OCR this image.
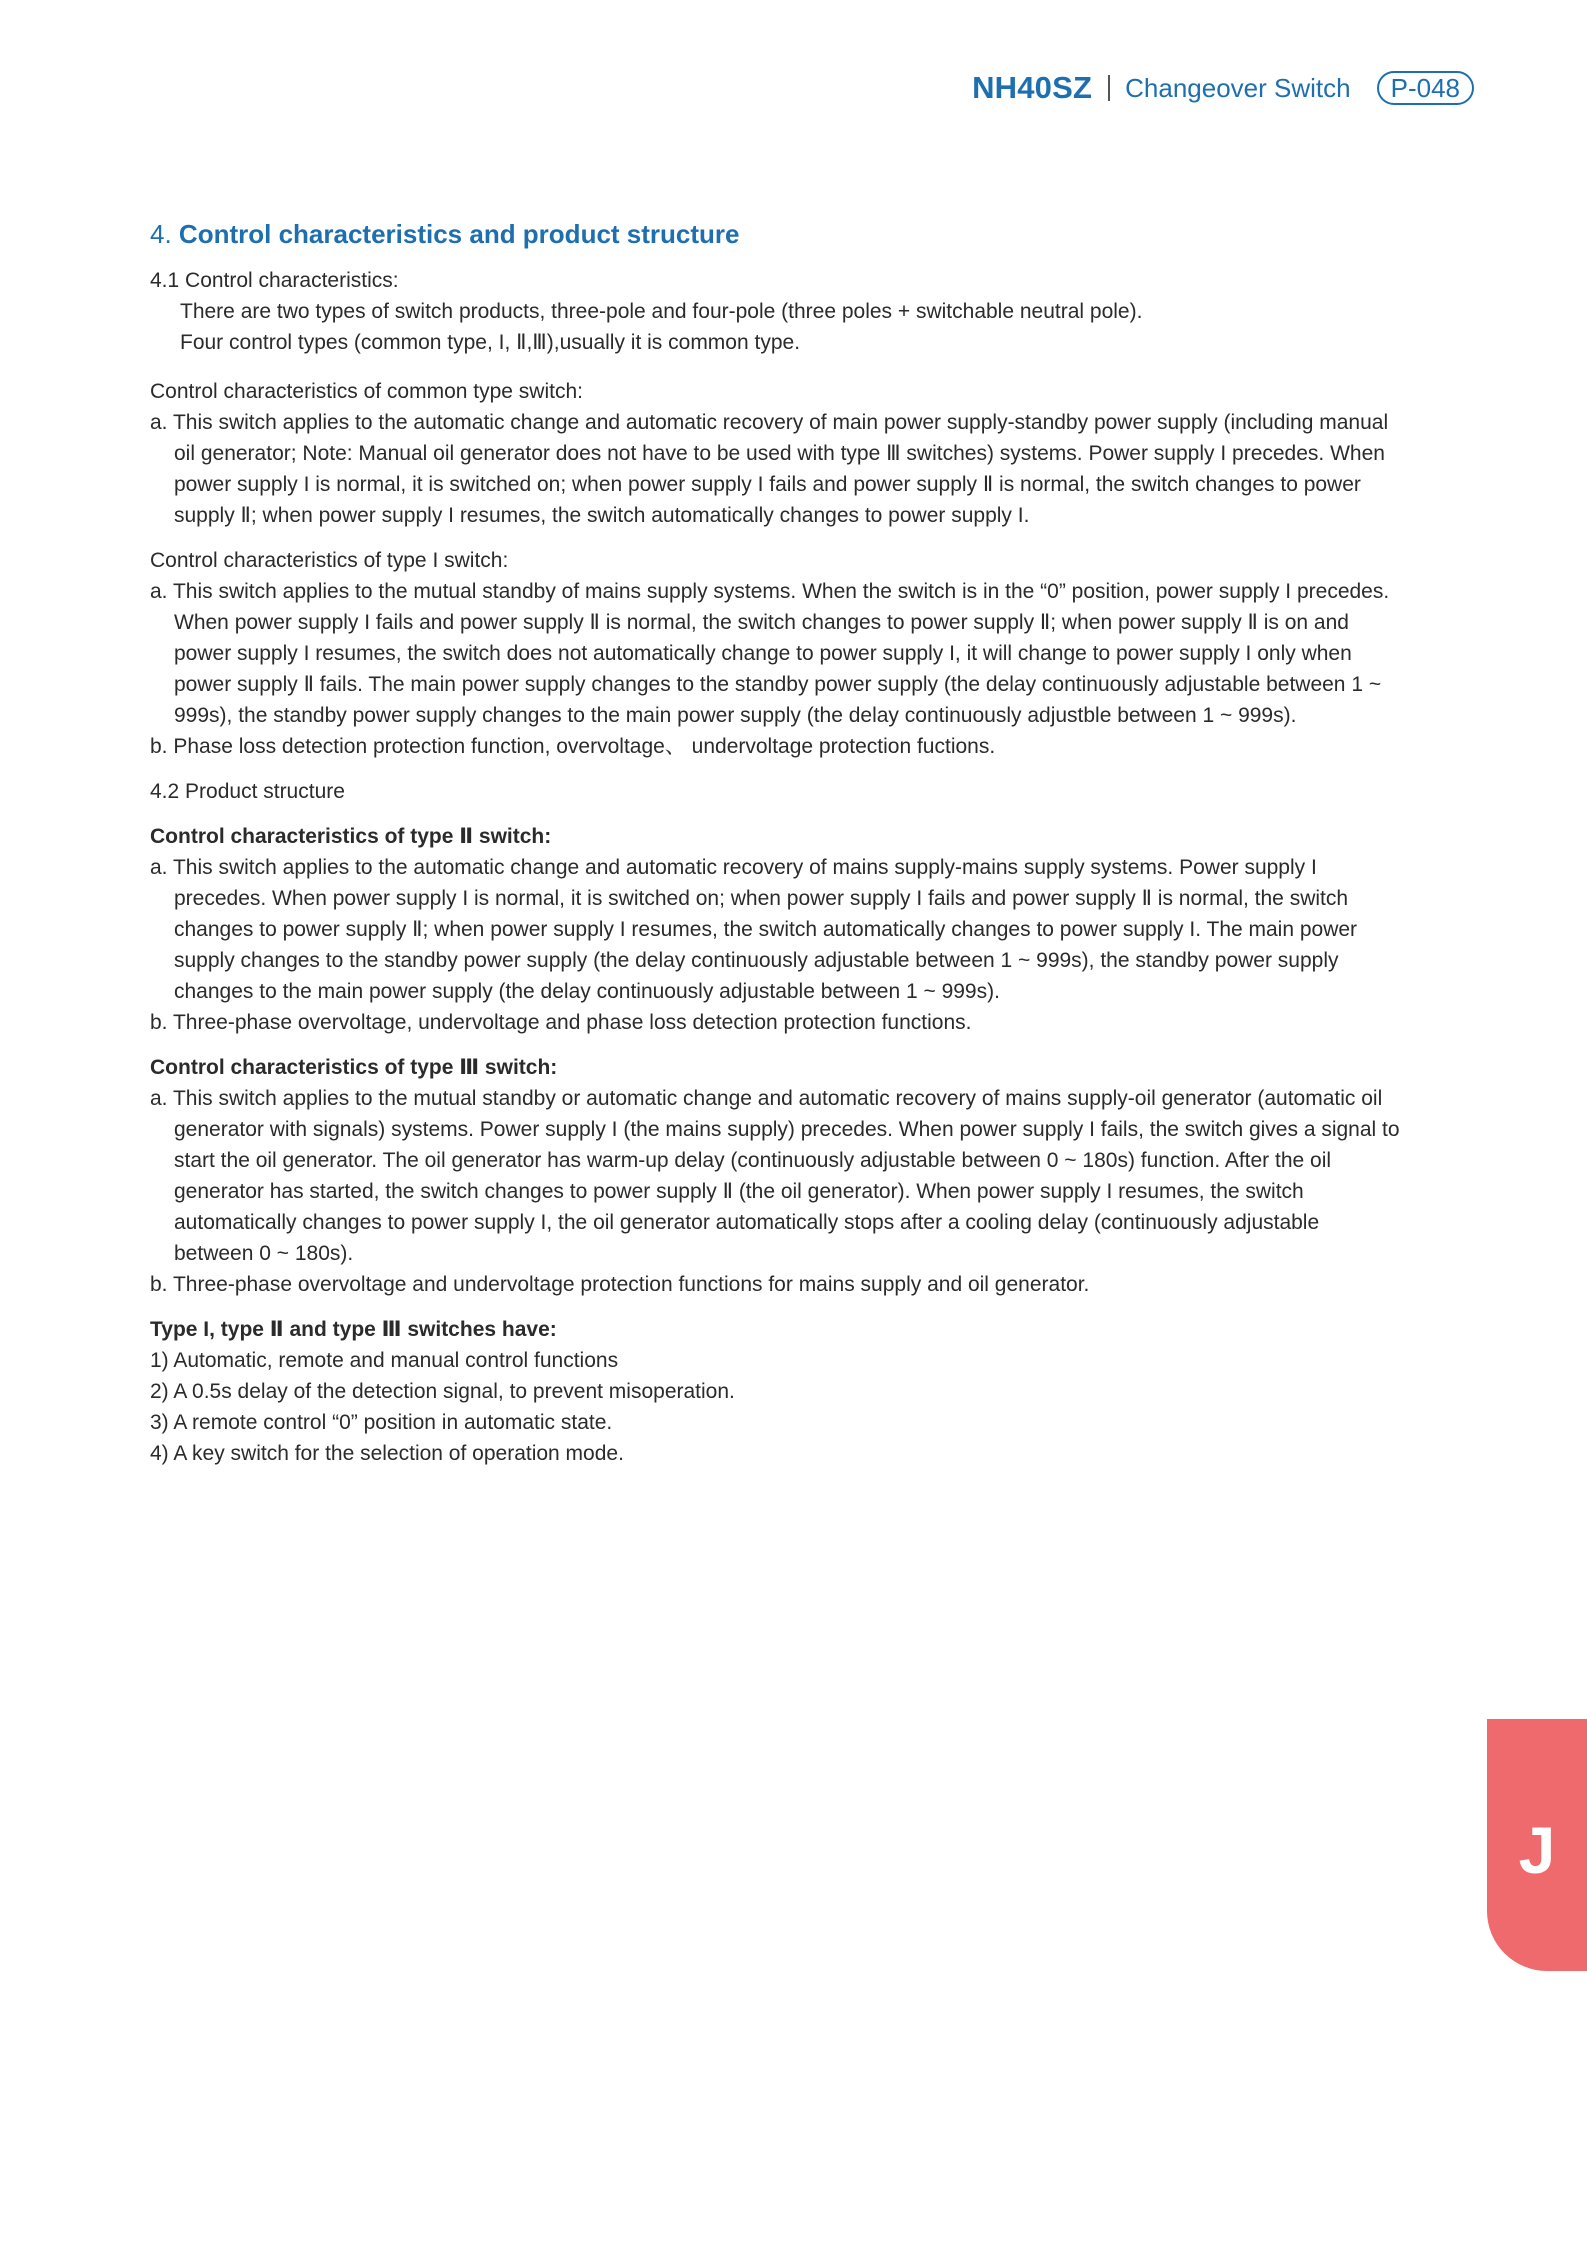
NH40SZ Changeover Switch	P-048
4. Control characteristics and product structure

4.1 Control characteristics:

There are two types of switch products, three-pole and four-pole (three poles + switchable neutral pole).

Four control types (common type, I, Ⅱ,Ⅲ),usually it is common type.

Control characteristics of common type switch:

a. This switch applies to the automatic change and automatic recovery of main power supply-standby power supply (including manual oil generator; Note: Manual oil generator does not have to be used with type Ⅲ switches) systems. Power supply I precedes. When power supply I is normal, it is switched on; when power supply I fails and power supply Ⅱ is normal, the switch changes to power supply Ⅱ; when power supply I resumes, the switch automatically changes to power supply I.

Control characteristics of type I switch:

a. This switch applies to the mutual standby of mains supply systems. When the switch is in the “0” position, power supply I precedes. When power supply I fails and power supply Ⅱ is normal, the switch changes to power supply Ⅱ; when power supply Ⅱ is on and power supply I resumes, the switch does not automatically change to power supply I, it will change to power supply I only when power supply Ⅱ fails. The main power supply changes to the standby power supply (the delay continuously adjustable between 1 ~ 999s), the standby power supply changes to the main power supply (the delay continuously adjustble between 1 ~ 999s).

b. Phase loss detection protection function, overvoltage、 undervoltage protection fuctions.

4.2 Product structure

Control characteristics of type Ⅱ switch:

a. This switch applies to the automatic change and automatic recovery of mains supply-mains supply systems. Power supply I precedes. When power supply I is normal, it is switched on; when power supply I fails and power supply Ⅱ is normal, the switch changes to power supply Ⅱ; when power supply I resumes, the switch automatically changes to power supply I. The main power supply changes to the standby power supply (the delay continuously adjustable between 1 ~ 999s), the standby power supply changes to the main power supply (the delay continuously adjustable between 1 ~ 999s).

b. Three-phase overvoltage, undervoltage and phase loss detection protection functions.

Control characteristics of type Ⅲ switch:

a. This switch applies to the mutual standby or automatic change and automatic recovery of mains supply-oil generator (automatic oil generator with signals) systems. Power supply I (the mains supply) precedes. When power supply I fails, the switch gives a signal to start the oil generator. The oil generator has warm-up delay (continuously adjustable between 0 ~ 180s) function. After the oil generator has started, the switch changes to power supply Ⅱ (the oil generator). When power supply I resumes, the switch automatically changes to power supply I, the oil generator automatically stops after a cooling delay (continuously adjustable between 0 ~ 180s).

b. Three-phase overvoltage and undervoltage protection functions for mains supply and oil generator.

Type I, type Ⅱ and type Ⅲ switches have:

1) Automatic, remote and manual control functions

2) A 0.5s delay of the detection signal, to prevent misoperation.

3) A remote control “0” position in automatic state.

4) A key switch for the selection of operation mode.

J
